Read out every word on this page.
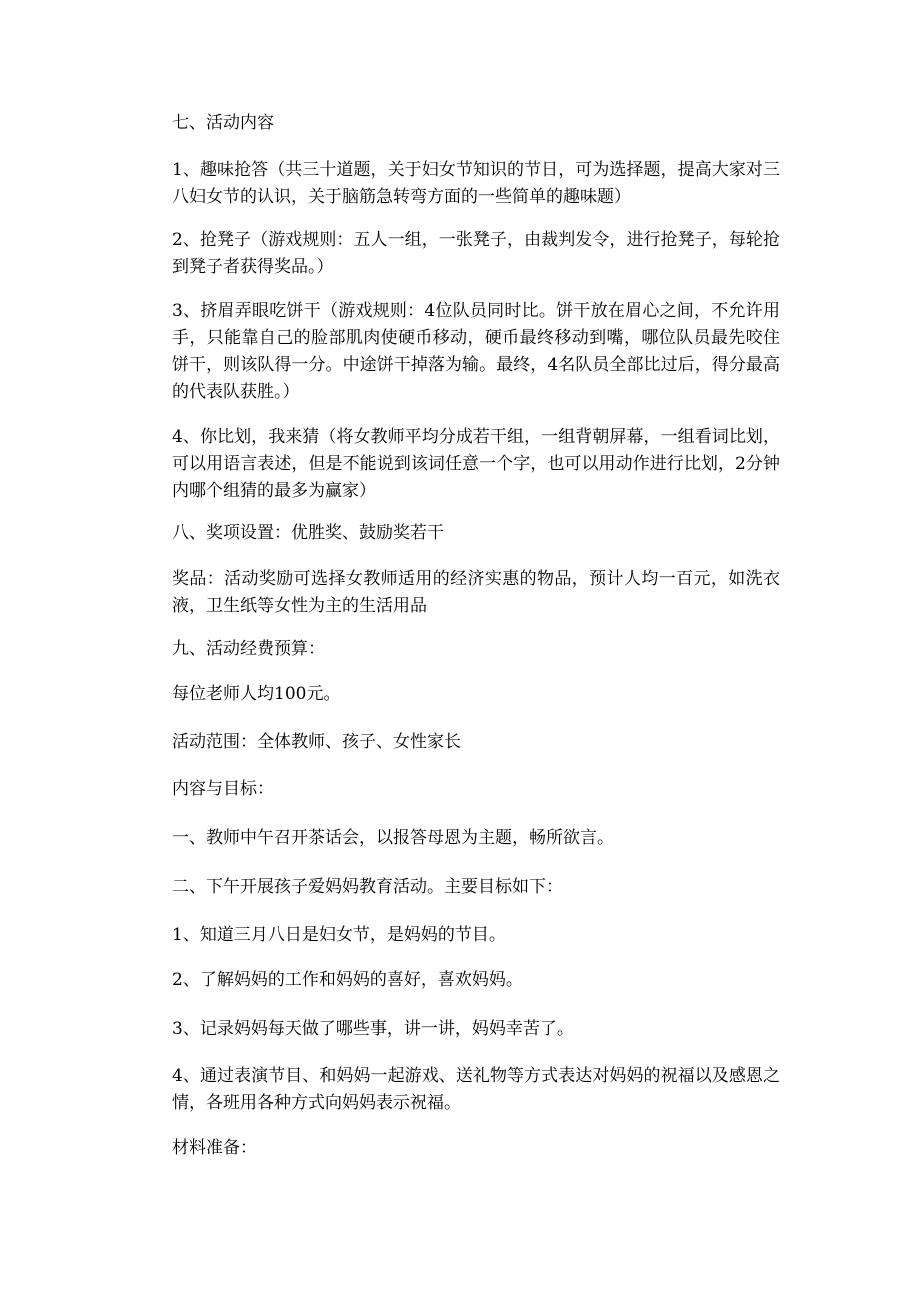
七、活动内容

1、趣味抢答（共三十道题，关于妇女节知识的节日，可为选择题，提高大家对三八妇女节的认识，关于脑筋急转弯方面的一些简单的趣味题）

2、抢凳子（游戏规则：五人一组，一张凳子，由裁判发令，进行抢凳子，每轮抢到凳子者获得奖品。）

3、挤眉弄眼吃饼干（游戏规则：4位队员同时比。饼干放在眉心之间，不允许用手，只能靠自己的脸部肌肉使硬币移动，硬币最终移动到嘴，哪位队员最先咬住饼干，则该队得一分。中途饼干掉落为输。最终，4名队员全部比过后，得分最高的代表队获胜。）

4、你比划，我来猜（将女教师平均分成若干组，一组背朝屏幕，一组看词比划，可以用语言表述，但是不能说到该词任意一个字，也可以用动作进行比划，2分钟内哪个组猜的最多为赢家）

八、奖项设置：优胜奖、鼓励奖若干

奖品：活动奖励可选择女教师适用的经济实惠的物品，预计人均一百元，如洗衣液，卫生纸等女性为主的生活用品

九、活动经费预算：

每位老师人均100元。

活动范围：全体教师、孩子、女性家长

内容与目标：

一、教师中午召开茶话会，以报答母恩为主题，畅所欲言。

二、下午开展孩子爱妈妈教育活动。主要目标如下：

1、知道三月八日是妇女节，是妈妈的节目。

2、了解妈妈的工作和妈妈的喜好，喜欢妈妈。

3、记录妈妈每天做了哪些事，讲一讲，妈妈幸苦了。

4、通过表演节目、和妈妈一起游戏、送礼物等方式表达对妈妈的祝福以及感恩之情，各班用各种方式向妈妈表示祝福。

材料准备：
